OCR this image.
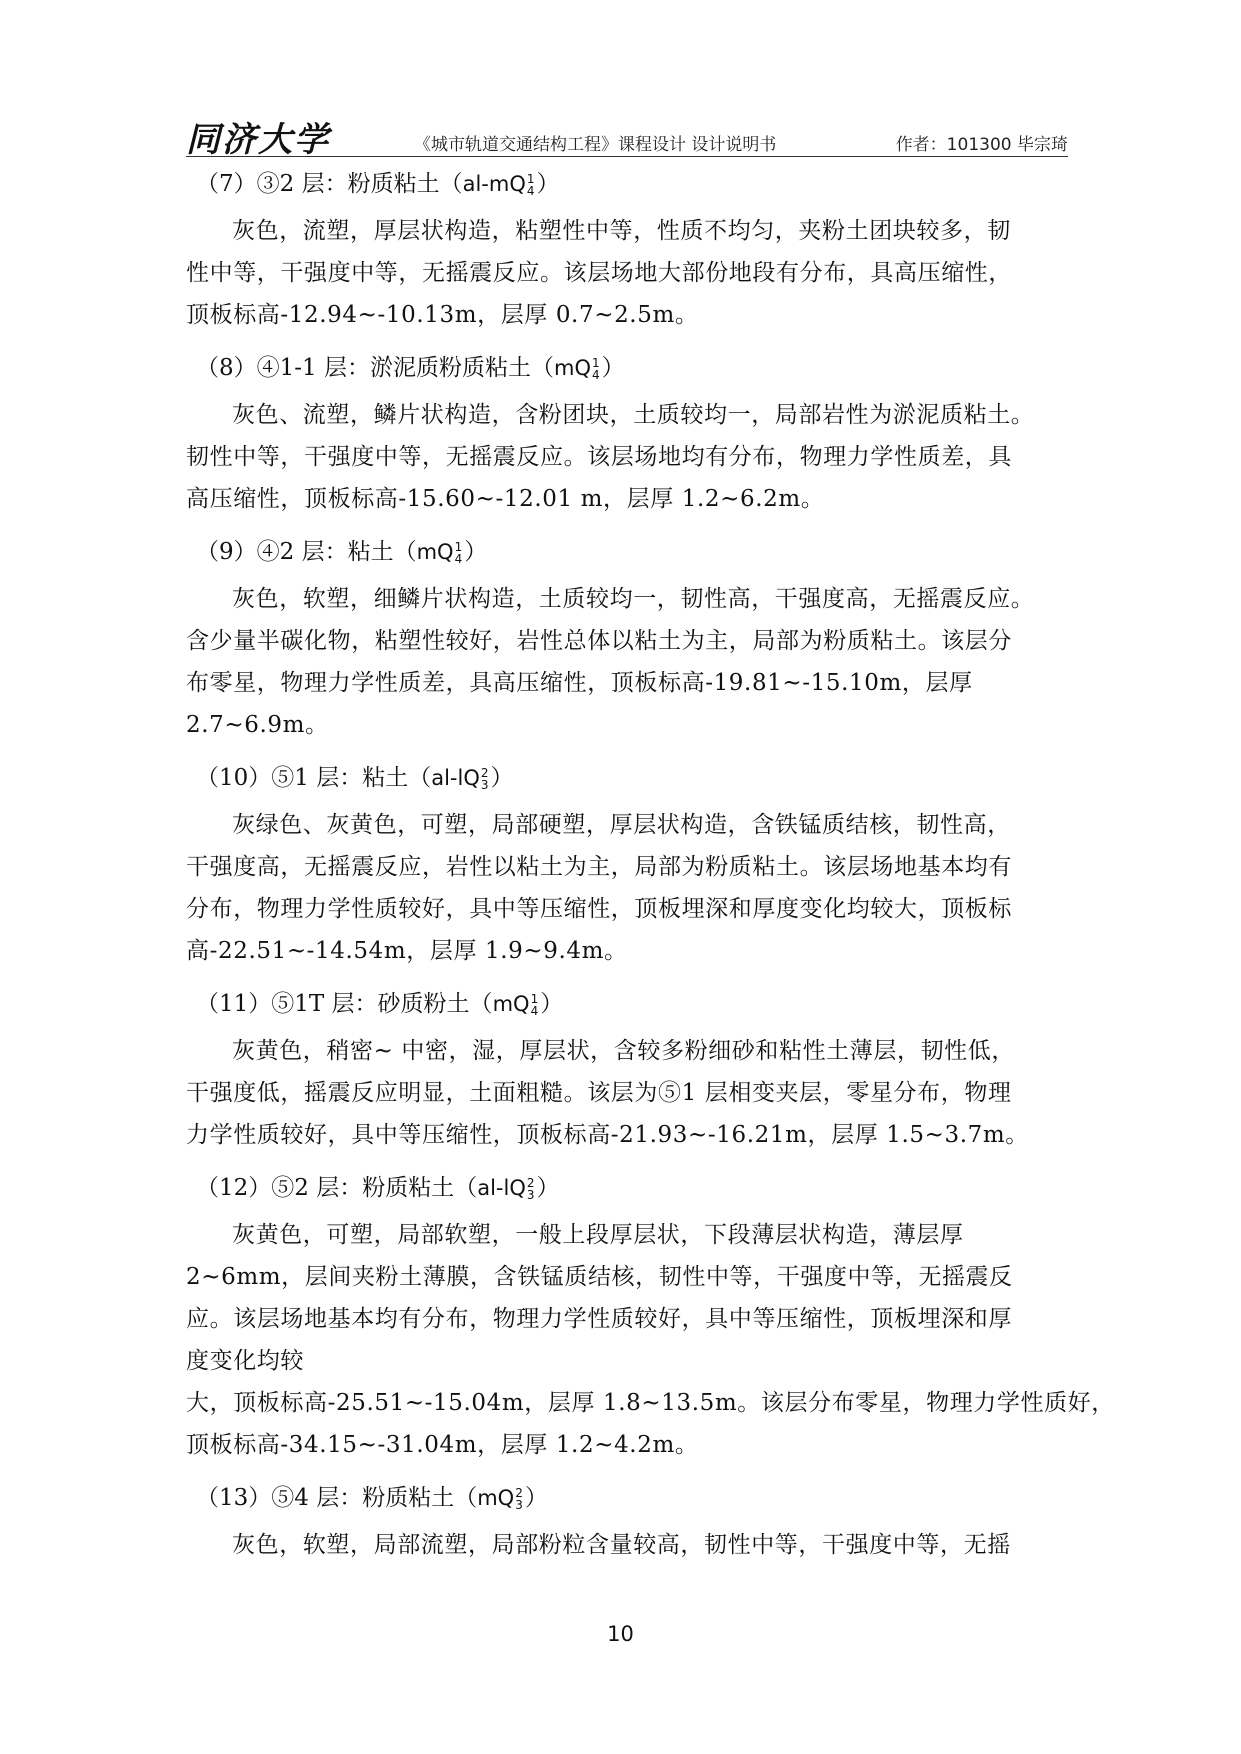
同济大学	《城市轨道交通结构工程》课程设计 设计说明书	作者：101300 毕宗琦

（7）③2 层：粉质粘土（al-mQ 1
4 ）

灰色，流塑，厚层状构造，粘塑性中等，性质不均匀，夹粉土团块较多，韧
性中等，干强度中等，无摇震反应。该层场地大部份地段有分布，具高压缩性，
顶板标高-12.94~-10.13m，层厚 0.7~2.5m。

（8）④1-1 层：淤泥质粉质粘土（mQ 1
4 ）

灰色、流塑，鳞片状构造，含粉团块，土质较均一，局部岩性为淤泥质粘土。
韧性中等，干强度中等，无摇震反应。该层场地均有分布，物理力学性质差，具
高压缩性，顶板标高-15.60~-12.01 m，层厚 1.2~6.2m。

（9）④2 层：粘土（mQ 1
4 ）

灰色，软塑，细鳞片状构造，土质较均一，韧性高，干强度高，无摇震反应。
含少量半碳化物，粘塑性较好，岩性总体以粘土为主，局部为粉质粘土。该层分
布零星，物理力学性质差，具高压缩性，顶板标高-19.81~-15.10m，层厚
2.7~6.9m。

（10）⑤1 层：粘土（al-lQ 2
3 ）

灰绿色、灰黄色，可塑，局部硬塑，厚层状构造，含铁锰质结核，韧性高，
干强度高，无摇震反应，岩性以粘土为主，局部为粉质粘土。该层场地基本均有
分布，物理力学性质较好，具中等压缩性，顶板埋深和厚度变化均较大，顶板标
高-22.51~-14.54m，层厚 1.9~9.4m。

（11）⑤1T 层：砂质粉土（mQ 1
4 ）

灰黄色，稍密~ 中密，湿，厚层状，含较多粉细砂和粘性土薄层，韧性低，
干强度低，摇震反应明显，土面粗糙。该层为⑤1 层相变夹层，零星分布，物理
力学性质较好，具中等压缩性，顶板标高-21.93~-16.21m，层厚 1.5~3.7m。

（12）⑤2 层：粉质粘土（al-lQ 2
3 ）

灰黄色，可塑，局部软塑，一般上段厚层状，下段薄层状构造，薄层厚
2~6mm，层间夹粉土薄膜，含铁锰质结核，韧性中等，干强度中等，无摇震反
应。该层场地基本均有分布，物理力学性质较好，具中等压缩性，顶板埋深和厚
度变化均较
大，顶板标高-25.51~-15.04m，层厚 1.8~13.5m。该层分布零星，物理力学性质好，
顶板标高-34.15~-31.04m，层厚 1.2~4.2m。

（13）⑤4 层：粉质粘土（mQ 2
3 ）

灰色，软塑，局部流塑，局部粉粒含量较高，韧性中等，干强度中等，无摇
10
